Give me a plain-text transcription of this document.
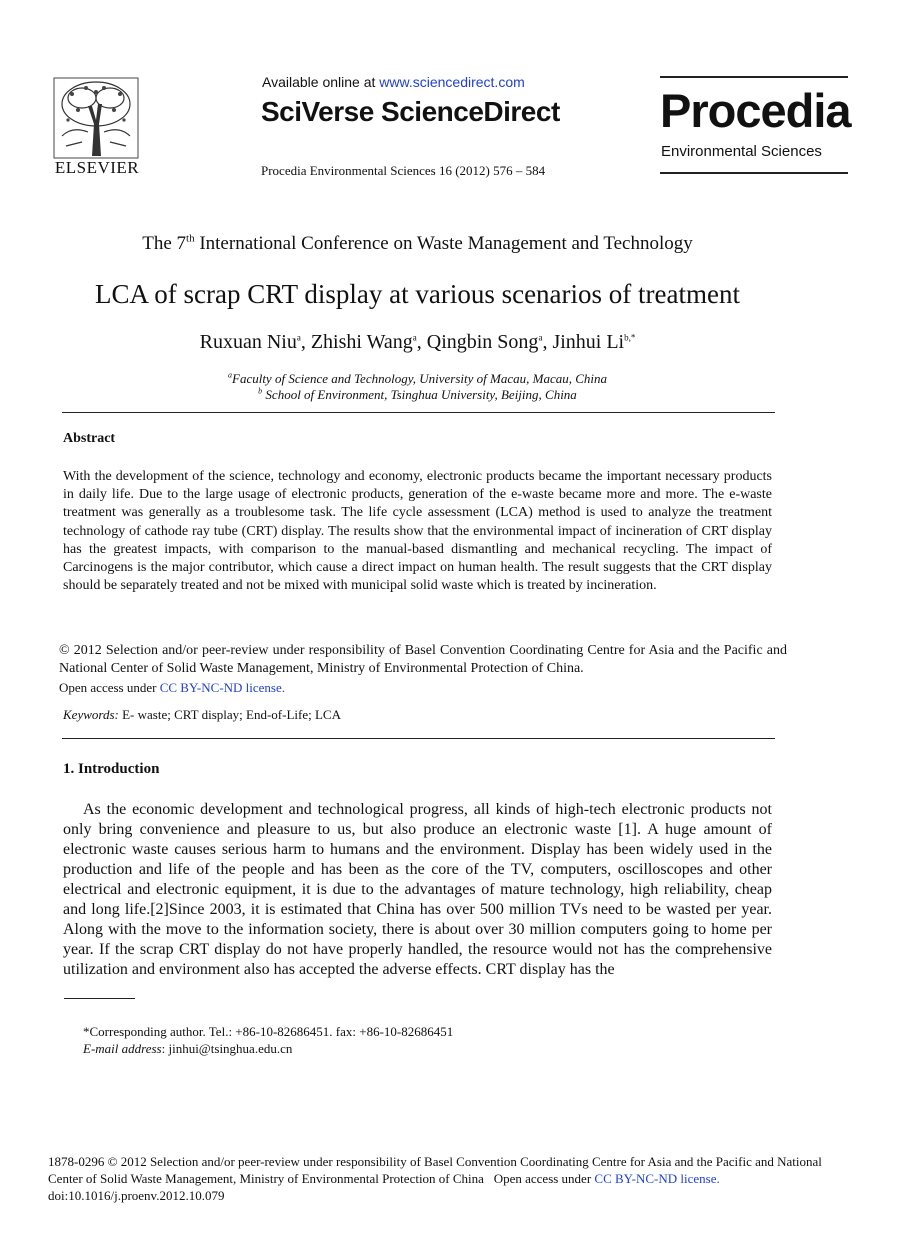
ELSEVIER
Available online at www.sciencedirect.com
SciVerse ScienceDirect
Procedia Environmental Sciences 16 (2012) 576 – 584
Procedia
Environmental Sciences
The 7th International Conference on Waste Management and Technology
LCA of scrap CRT display at various scenarios of treatment
Ruxuan Niu$^a$, Zhishi Wang$^a$, Qingbin Song$^a$, Jinhui $Li^{b,*}$
$^a$Faculty of Science and Technology, University of Macau, Macau, China
$^b$ School of Environment, Tsinghua University, Beijing, China
Abstract
With the development of the science, technology and economy, electronic products became the important necessary products in daily life. Due to the large usage of electronic products, generation of the e-waste became more and more. The e-waste treatment was generally as a troublesome task. The life cycle assessment (LCA) method is used to analyze the treatment technology of cathode ray tube (CRT) display. The results show that the environmental impact of incineration of CRT display has the greatest impacts, with comparison to the manual-based dismantling and mechanical recycling. The impact of Carcinogens is the major contributor, which cause a direct impact on human health. The result suggests that the CRT display should be separately treated and not be mixed with municipal solid waste which is treated by incineration.
© 2012 Selection and/or peer-review under responsibility of Basel Convention Coordinating Centre for Asia and the Pacific and National Center of Solid Waste Management, Ministry of Environmental Protection of China.
Open access under CC BY-NC-ND license.
Keywords: E- waste; CRT display; End-of-Life; LCA
1. Introduction
As the economic development and technological progress, all kinds of high-tech electronic products not only bring convenience and pleasure to us, but also produce an electronic waste [1]. A huge amount of electronic waste causes serious harm to humans and the environment. Display has been widely used in the production and life of the people and has been as the core of the TV, computers, oscilloscopes and other electrical and electronic equipment, it is due to the advantages of mature technology, high reliability, cheap and long life.[2]Since 2003, it is estimated that China has over 500 million TVs need to be wasted per year. Along with the move to the information society, there is about over 30 million computers going to home per year. If the scrap CRT display do not have properly handled, the resource would not has the comprehensive utilization and environment also has accepted the adverse effects. CRT display has the
*Corresponding author. Tel.: +86-10-82686451. fax: +86-10-82686451
E-mail address: jinhui@tsinghua.edu.cn
1878-0296 © 2012 Selection and/or peer-review under responsibility of Basel Convention Coordinating Centre for Asia and the Pacific and National
Center of Solid Waste Management, Ministry of Environmental Protection of China Open access under CC BY-NC-ND license.
doi:10.1016/j.proenv.2012.10.079
